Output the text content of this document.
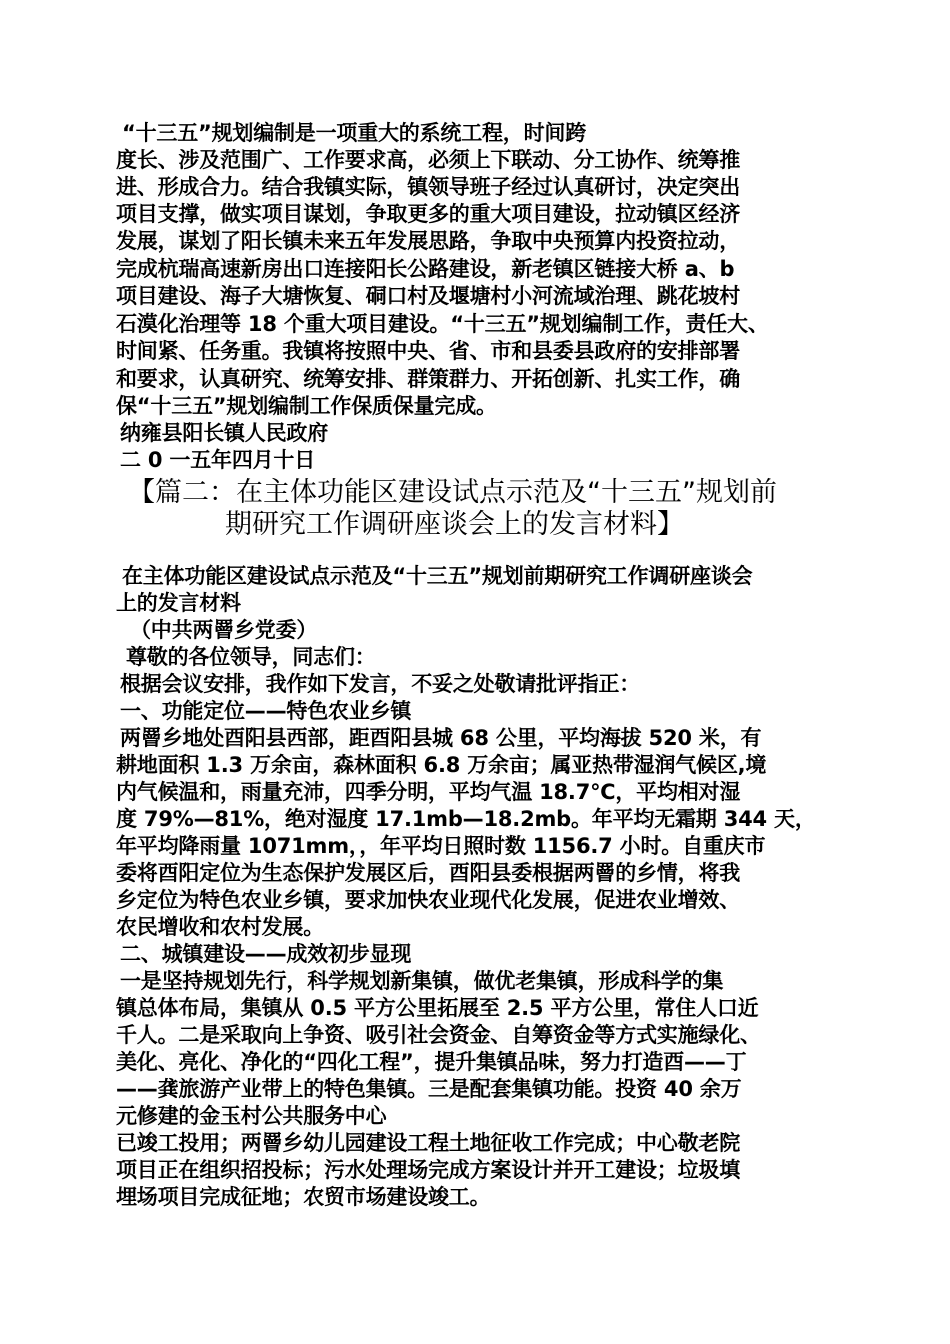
“十三五”规划编制是一项重大的系统工程，时间跨
度长、涉及范围广、工作要求高，必须上下联动、分工协作、统筹推
进、形成合力。结合我镇实际，镇领导班子经过认真研讨，决定突出
项目支撑，做实项目谋划，争取更多的重大项目建设，拉动镇区经济
发展，谋划了阳长镇未来五年发展思路，争取中央预算内投资拉动，
完成杭瑞高速新房出口连接阳长公路建设，新老镇区链接大桥 a、b
项目建设、海子大塘恢复、硐口村及堰塘村小河流域治理、跳花坡村
石漠化治理等 18 个重大项目建设。“十三五”规划编制工作，责任大、
时间紧、任务重。我镇将按照中央、省、市和县委县政府的安排部署
和要求，认真研究、统筹安排、群策群力、开拓创新、扎实工作，确
保“十三五”规划编制工作保质保量完成。
纳雍县阳长镇人民政府
二 0 一五年四月十日
【篇二：在主体功能区建设试点示范及“十三五”规划前
期研究工作调研座谈会上的发言材料】
在主体功能区建设试点示范及“十三五”规划前期研究工作调研座谈会
上的发言材料
（中共两罾乡党委）
尊敬的各位领导，同志们：
根据会议安排，我作如下发言，不妥之处敬请批评指正：
一、功能定位——特色农业乡镇
两罾乡地处酉阳县西部，距酉阳县城 68 公里，平均海拔 520 米，有
耕地面积 1.3 万余亩，森林面积 6.8 万余亩；属亚热带湿润气候区,境
内气候温和，雨量充沛，四季分明，平均气温 18.7℃，平均相对湿
度 79%—81%，绝对湿度 17.1mb—18.2mb。年平均无霜期 344 天，
年平均降雨量 1071mm，，年平均日照时数 1156.7 小时。自重庆市
委将酉阳定位为生态保护发展区后，酉阳县委根据两罾的乡情，将我
乡定位为特色农业乡镇，要求加快农业现代化发展，促进农业增效、
农民增收和农村发展。
二、城镇建设——成效初步显现
一是坚持规划先行，科学规划新集镇，做优老集镇，形成科学的集
镇总体布局，集镇从 0.5 平方公里拓展至 2.5 平方公里，常住人口近
千人。二是采取向上争资、吸引社会资金、自筹资金等方式实施绿化、
美化、亮化、净化的“四化工程”，提升集镇品味，努力打造酉——丁
——龚旅游产业带上的特色集镇。三是配套集镇功能。投资 40 余万
元修建的金玉村公共服务中心
已竣工投用；两罾乡幼儿园建设工程土地征收工作完成；中心敬老院
项目正在组织招投标；污水处理场完成方案设计并开工建设；垃圾填
埋场项目完成征地；农贸市场建设竣工。
